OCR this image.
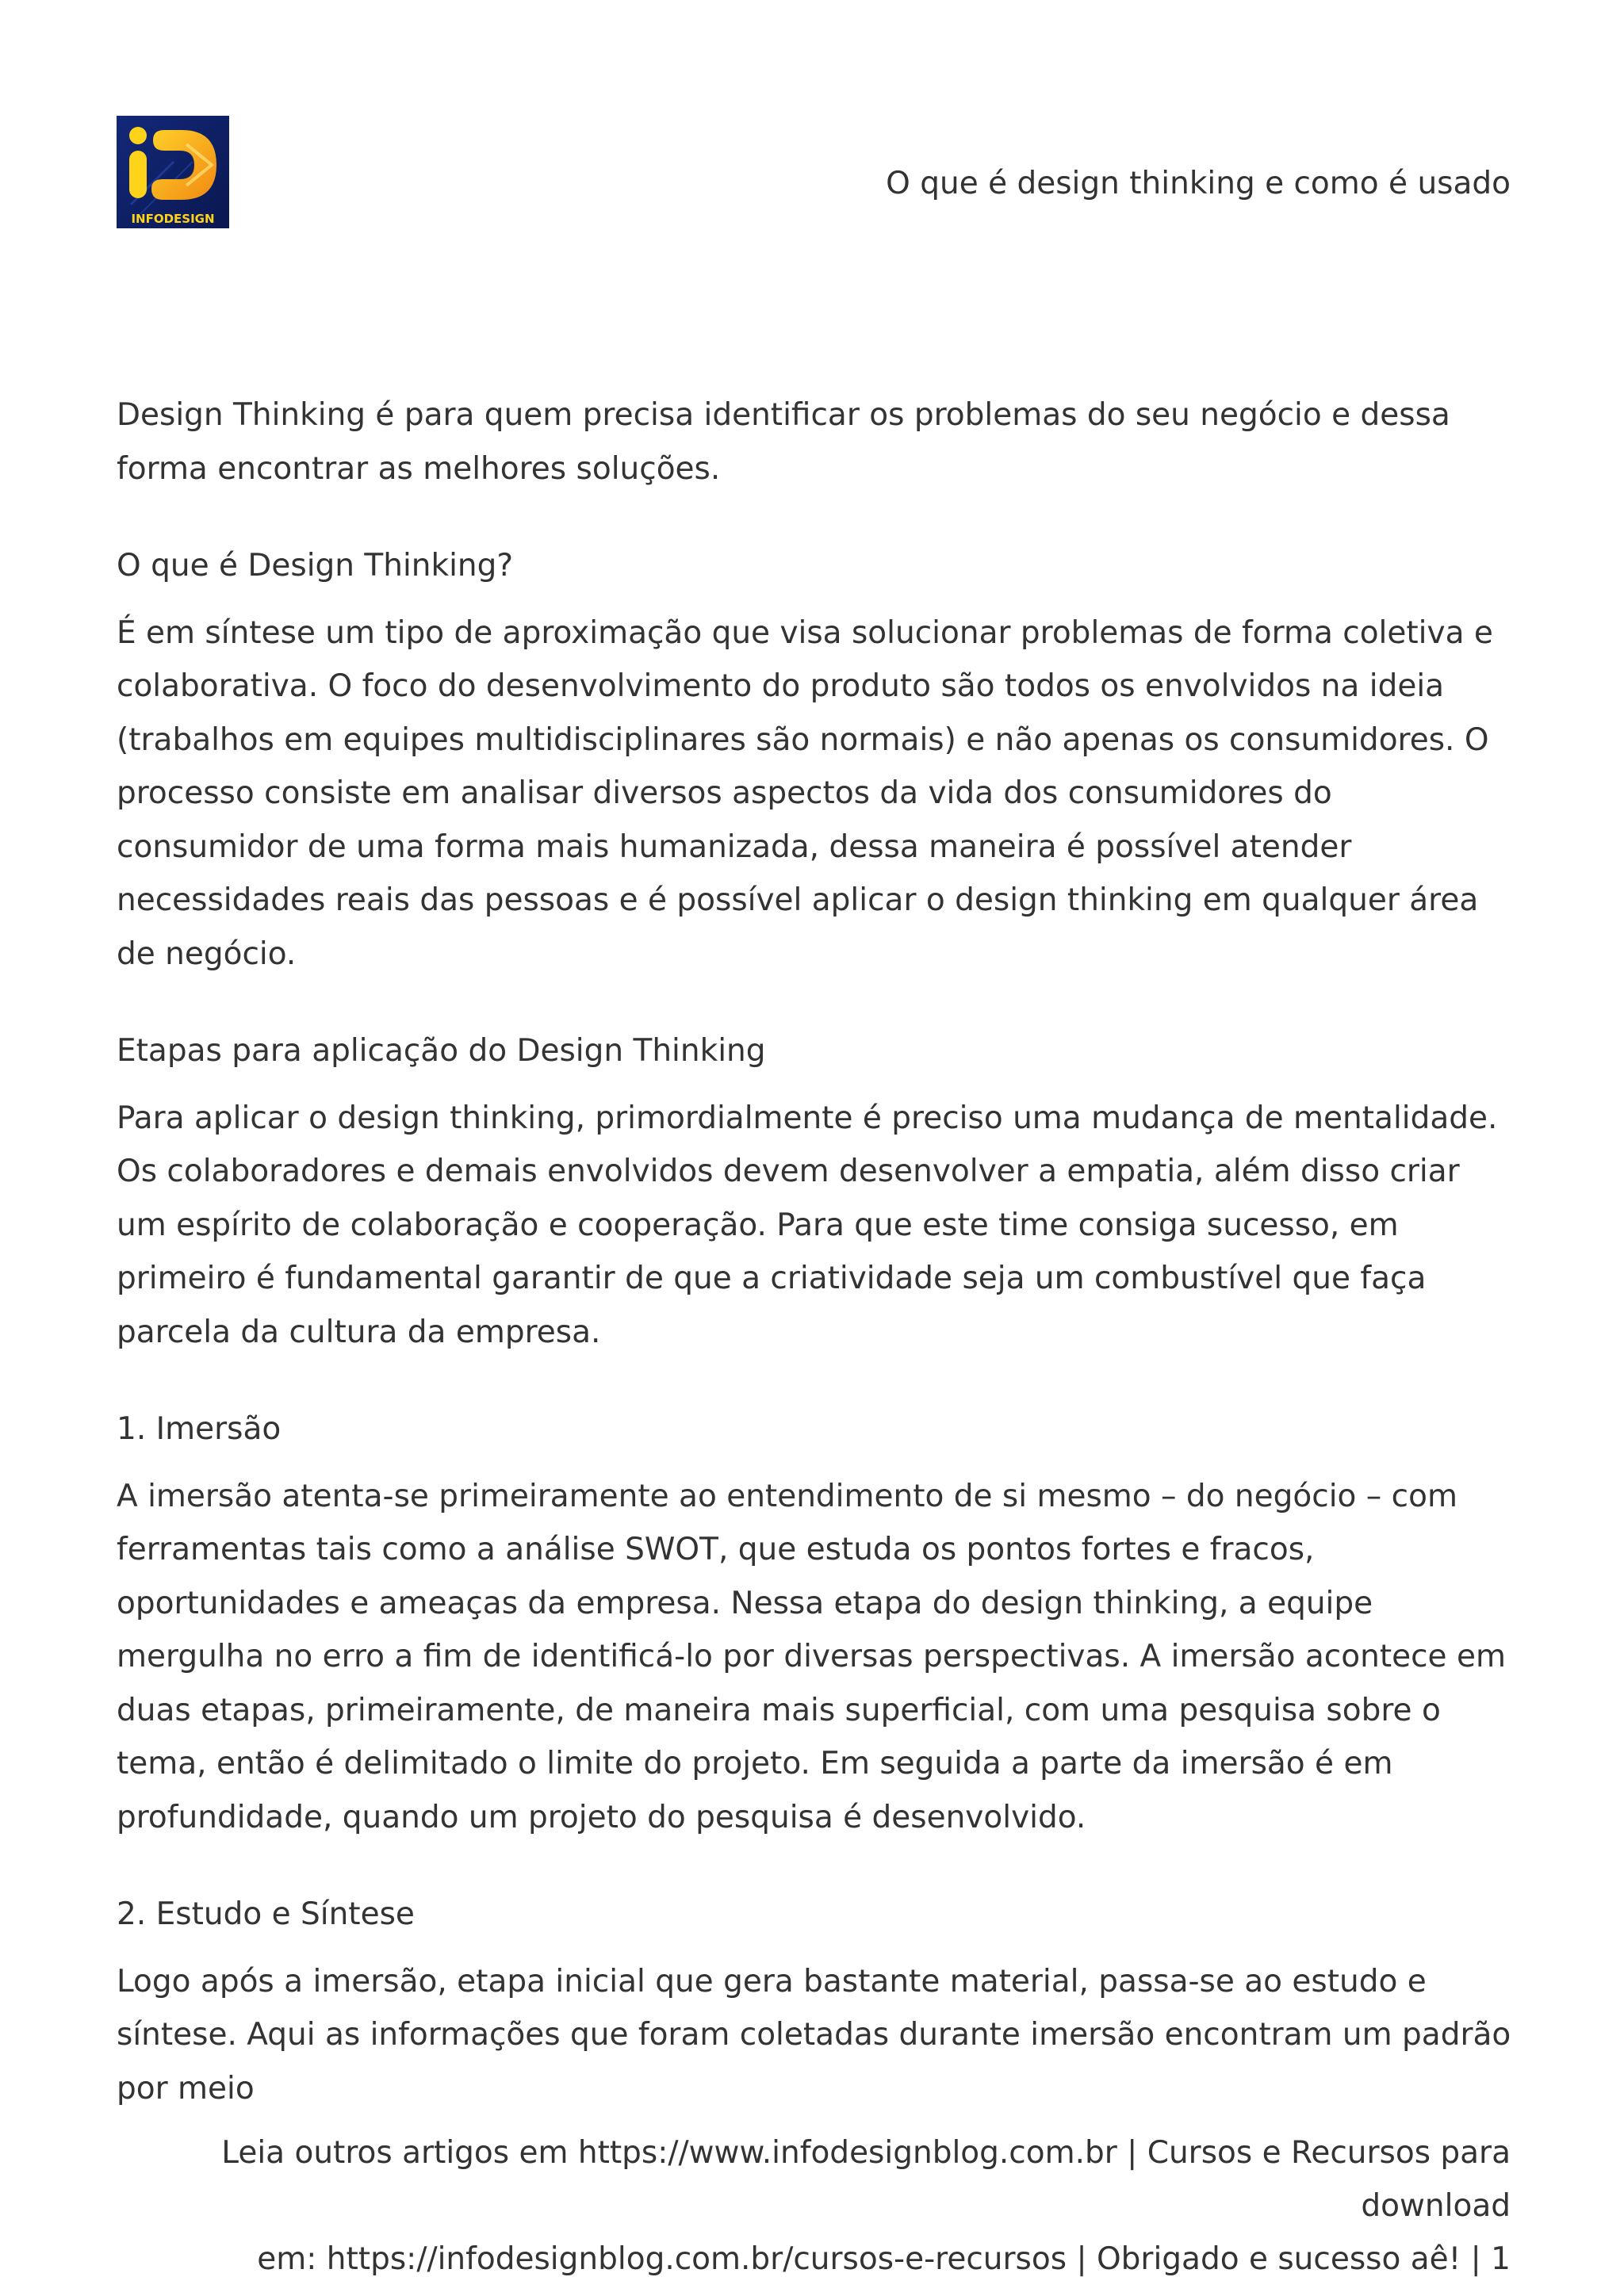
INFODESIGN
O que é design thinking e como é usado

Design Thinking é para quem precisa identificar os problemas do seu negócio e dessa forma encontrar as melhores soluções.

O que é Design Thinking?

É em síntese um tipo de aproximação que visa solucionar problemas de forma coletiva e colaborativa. O foco do desenvolvimento do produto são todos os envolvidos na ideia (trabalhos em equipes multidisciplinares são normais) e não apenas os consumidores. O processo consiste em analisar diversos aspectos da vida dos consumidores do consumidor de uma forma mais humanizada, dessa maneira é possível atender necessidades reais das pessoas e é possível aplicar o design thinking em qualquer área de negócio.

Etapas para aplicação do Design Thinking

Para aplicar o design thinking, primordialmente é preciso uma mudança de mentalidade. Os colaboradores e demais envolvidos devem desenvolver a empatia, além disso criar um espírito de colaboração e cooperação. Para que este time consiga sucesso, em primeiro é fundamental garantir de que a criatividade seja um combustível que faça parcela da cultura da empresa.

1. Imersão

A imersão atenta-se primeiramente ao entendimento de si mesmo – do negócio – com ferramentas tais como a análise SWOT, que estuda os pontos fortes e fracos, oportunidades e ameaças da empresa. Nessa etapa do design thinking, a equipe mergulha no erro a fim de identificá-lo por diversas perspectivas. A imersão acontece em duas etapas, primeiramente, de maneira mais superficial, com uma pesquisa sobre o tema, então é delimitado o limite do projeto. Em seguida a parte da imersão é em profundidade, quando um projeto do pesquisa é desenvolvido.

2. Estudo e Síntese

Logo após a imersão, etapa inicial que gera bastante material, passa-se ao estudo e síntese. Aqui as informações que foram coletadas durante imersão encontram um padrão por meio

Leia outros artigos em https://www.infodesignblog.com.br | Cursos e Recursos para download

em: https://infodesignblog.com.br/cursos-e-recursos | Obrigado e sucesso aê! | 1
